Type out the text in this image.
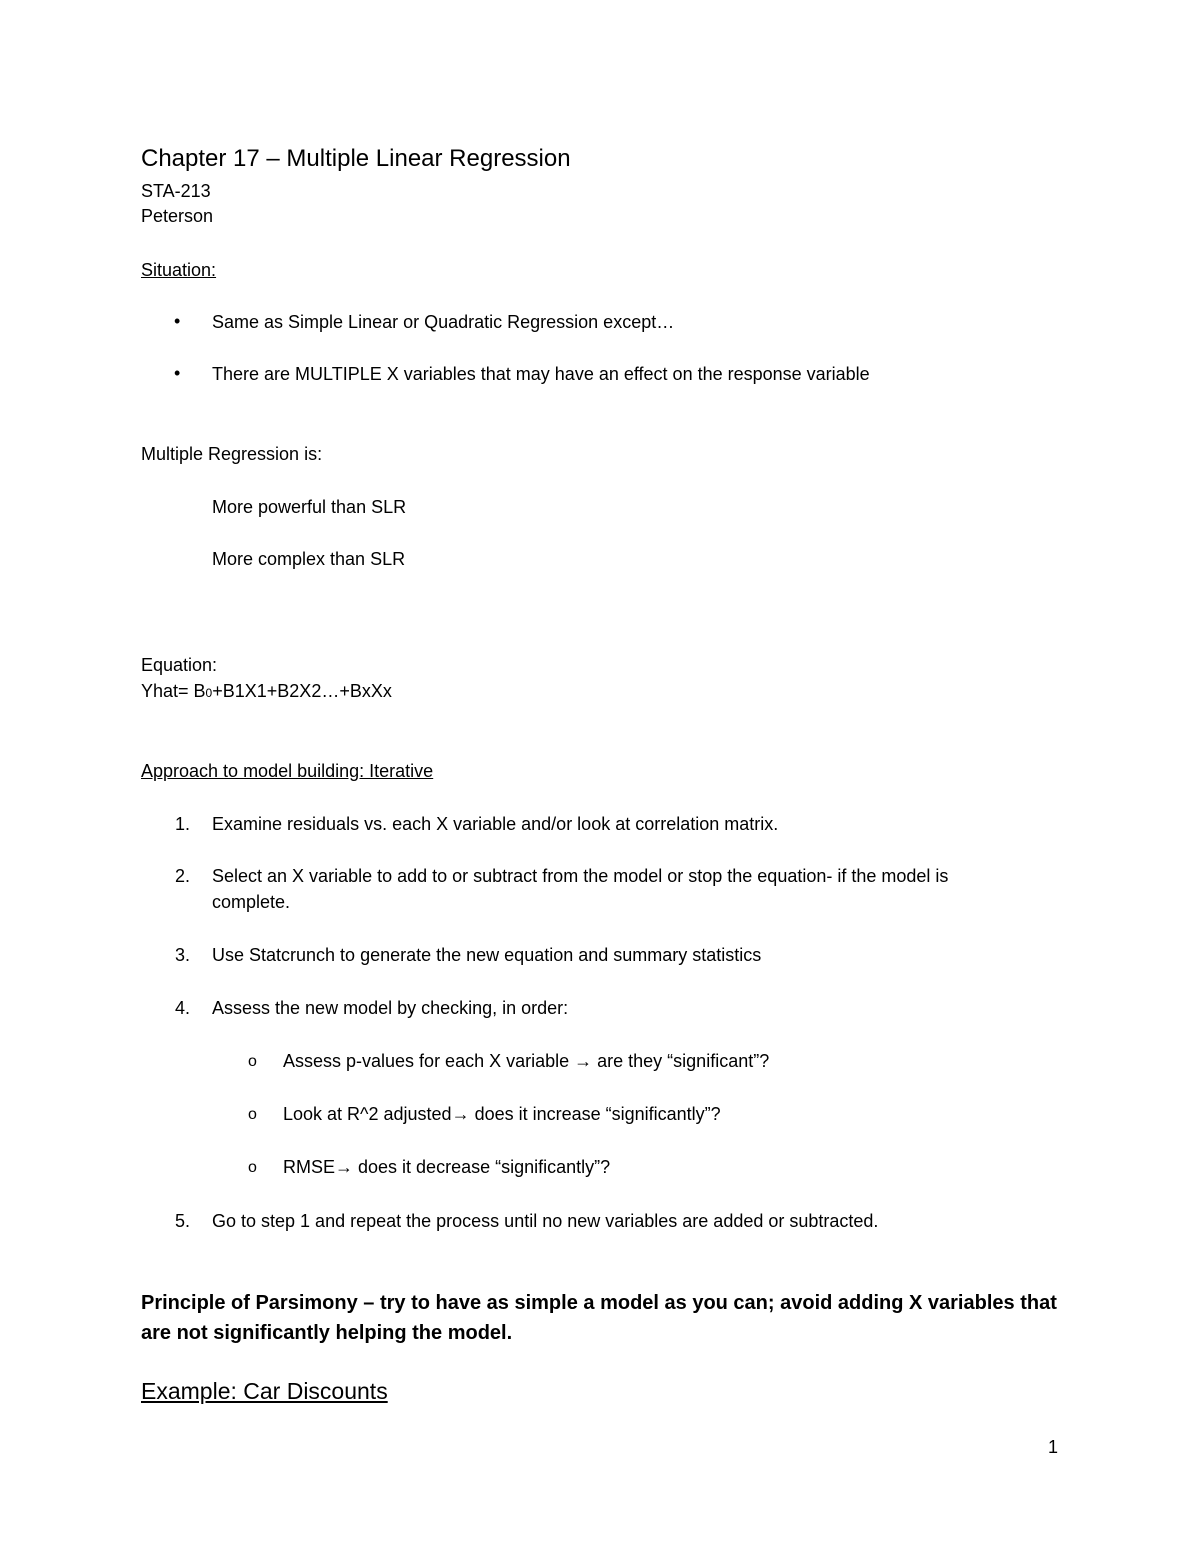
Chapter 17 – Multiple Linear Regression

STA-213

Peterson

Situation:

• Same as Simple Linear or Quadratic Regression except…

• There are MULTIPLE X variables that may have an effect on the response variable

Multiple Regression is:

More powerful than SLR

More complex than SLR

Equation:

Yhat= B0+B1X1+B2X2…+BxXx

Approach to model building: Iterative

1. Examine residuals vs. each X variable and/or look at correlation matrix.

2. Select an X variable to add to or subtract from the model or stop the equation- if the model is

complete.

3. Use Statcrunch to generate the new equation and summary statistics

4. Assess the new model by checking, in order:

o Assess p-values for each X variable → are they “significant”?

o Look at R^2 adjusted→ does it increase “significantly”?

o RMSE→ does it decrease “significantly”?

5. Go to step 1 and repeat the process until no new variables are added or subtracted.

Principle of Parsimony – try to have as simple a model as you can; avoid adding X variables that are not significantly helping the model.

Example: Car Discounts

1
